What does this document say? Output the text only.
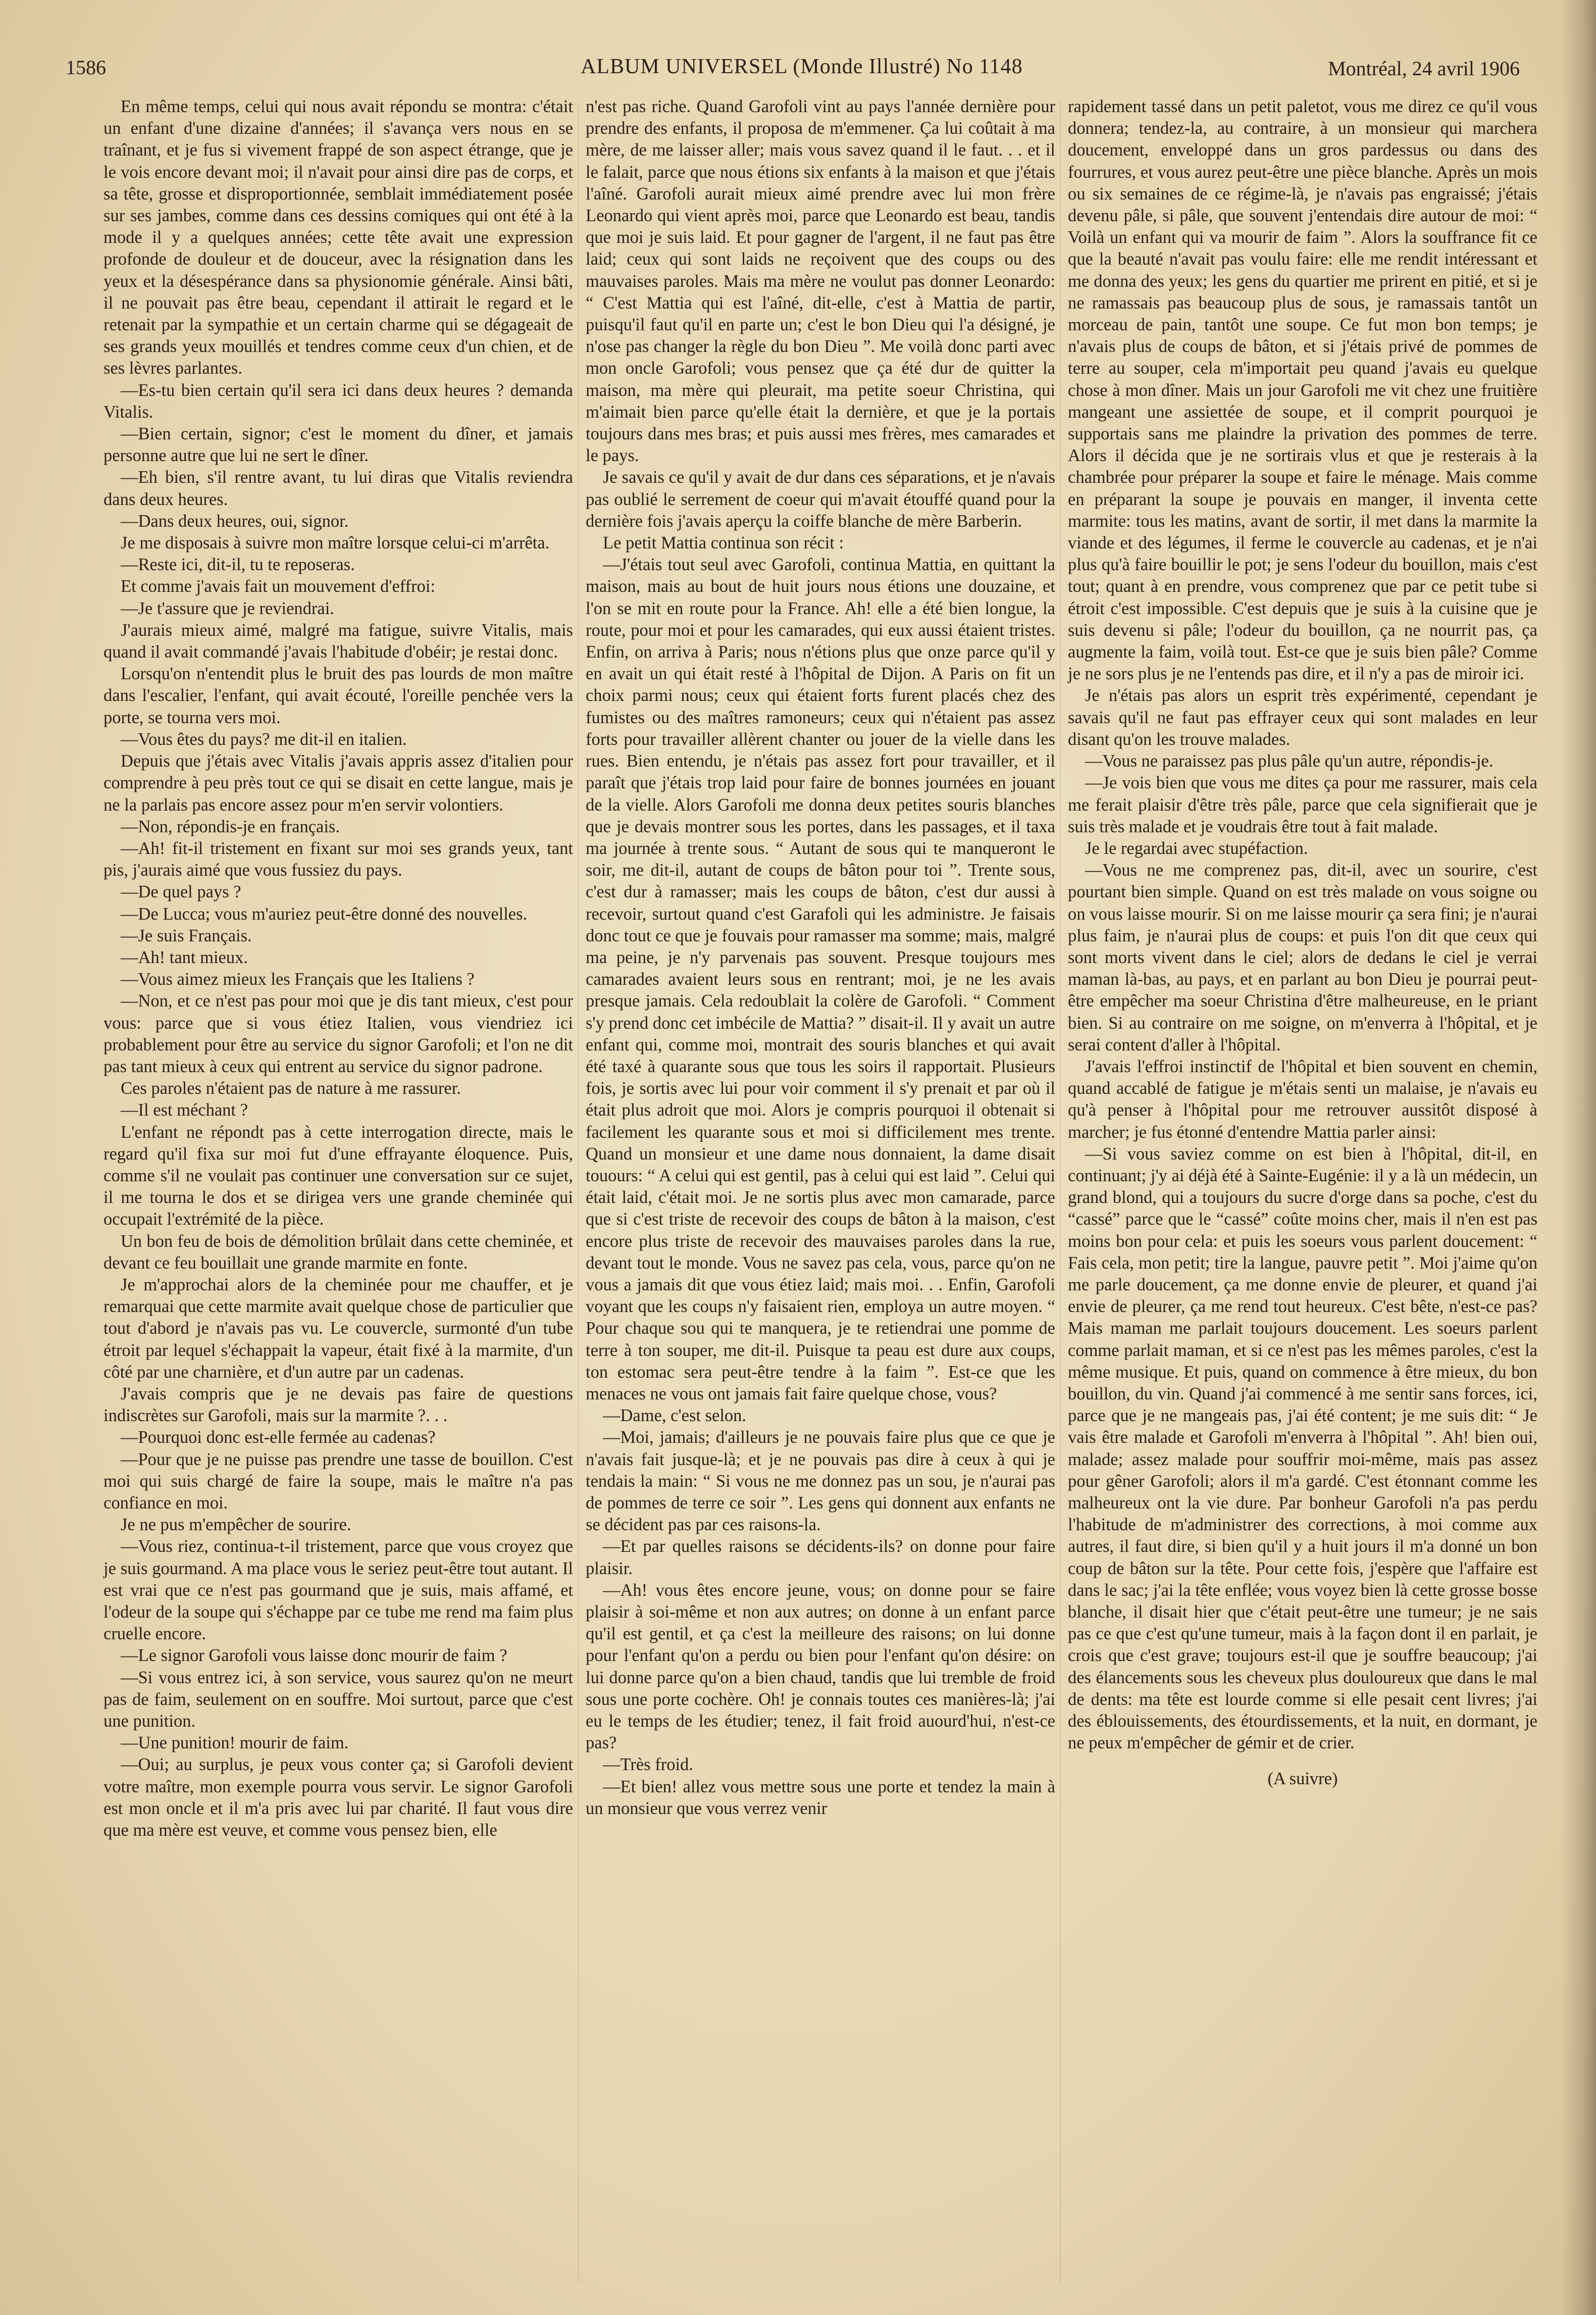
1586	ALBUM UNIVERSEL (Monde Illustré) No 1148	Montréal, 24 avril 1906

En même temps, celui qui nous avait répondu se montra: c'était un enfant d'une dizaine d'années; il s'avança vers nous en se traînant, et je fus si vivement frappé de son aspect étrange, que je le vois encore devant moi; il n'avait pour ainsi dire pas de corps, et sa tête, grosse et disproportionnée, semblait immédiatement posée sur ses jambes, comme dans ces dessins comiques qui ont été à la mode il y a quelques années; cette tête avait une expression profonde de douleur et de douceur, avec la résignation dans les yeux et la désespérance dans sa physionomie générale. Ainsi bâti, il ne pouvait pas être beau, cependant il attirait le regard et le retenait par la sympathie et un certain charme qui se dégageait de ses grands yeux mouillés et tendres comme ceux d'un chien, et de ses lèvres parlantes.

—Es-tu bien certain qu'il sera ici dans deux heures ? demanda Vitalis.

—Bien certain, signor; c'est le moment du dîner, et jamais personne autre que lui ne sert le dîner.

—Eh bien, s'il rentre avant, tu lui diras que Vitalis reviendra dans deux heures.

—Dans deux heures, oui, signor.

Je me disposais à suivre mon maître lorsque celui-ci m'arrêta.

—Reste ici, dit-il, tu te reposeras.

Et comme j'avais fait un mouvement d'effroi:

—Je t'assure que je reviendrai.

J'aurais mieux aimé, malgré ma fatigue, suivre Vitalis, mais quand il avait commandé j'avais l'habitude d'obéir; je restai donc.

Lorsqu'on n'entendit plus le bruit des pas lourds de mon maître dans l'escalier, l'enfant, qui avait écouté, l'oreille penchée vers la porte, se tourna vers moi.

—Vous êtes du pays? me dit-il en italien.

Depuis que j'étais avec Vitalis j'avais appris assez d'italien pour comprendre à peu près tout ce qui se disait en cette langue, mais je ne la parlais pas encore assez pour m'en servir volontiers.

—Non, répondis-je en français.

—Ah! fit-il tristement en fixant sur moi ses grands yeux, tant pis, j'aurais aimé que vous fussiez du pays.

—De quel pays ?

—De Lucca; vous m'auriez peut-être donné des nouvelles.

—Je suis Français.

—Ah! tant mieux.

—Vous aimez mieux les Français que les Italiens ?

—Non, et ce n'est pas pour moi que je dis tant mieux, c'est pour vous: parce que si vous étiez Italien, vous viendriez ici probablement pour être au service du signor Garofoli; et l'on ne dit pas tant mieux à ceux qui entrent au service du signor padrone.

Ces paroles n'étaient pas de nature à me rassurer.

—Il est méchant ?

L'enfant ne répondt pas à cette interrogation directe, mais le regard qu'il fixa sur moi fut d'une effrayante éloquence. Puis, comme s'il ne voulait pas continuer une conversation sur ce sujet, il me tourna le dos et se dirigea vers une grande cheminée qui occupait l'extrémité de la pièce.

Un bon feu de bois de démolition brûlait dans cette cheminée, et devant ce feu bouillait une grande marmite en fonte.

Je m'approchai alors de la cheminée pour me chauffer, et je remarquai que cette marmite avait quelque chose de particulier que tout d'abord je n'avais pas vu. Le couvercle, surmonté d'un tube étroit par lequel s'échappait la vapeur, était fixé à la marmite, d'un côté par une charnière, et d'un autre par un cadenas.

J'avais compris que je ne devais pas faire de questions indiscrètes sur Garofoli, mais sur la marmite ?. . .

—Pourquoi donc est-elle fermée au cadenas?

—Pour que je ne puisse pas prendre une tasse de bouillon. C'est moi qui suis chargé de faire la soupe, mais le maître n'a pas confiance en moi.

Je ne pus m'empêcher de sourire.

—Vous riez, continua-t-il tristement, parce que vous croyez que je suis gourmand. A ma place vous le seriez peut-être tout autant. Il est vrai que ce n'est pas gourmand que je suis, mais affamé, et l'odeur de la soupe qui s'échappe par ce tube me rend ma faim plus cruelle encore.

—Le signor Garofoli vous laisse donc mourir de faim ?

—Si vous entrez ici, à son service, vous saurez qu'on ne meurt pas de faim, seulement on en souffre. Moi surtout, parce que c'est une punition.

—Une punition! mourir de faim.

—Oui; au surplus, je peux vous conter ça; si Garofoli devient votre maître, mon exemple pourra vous servir. Le signor Garofoli est mon oncle et il m'a pris avec lui par charité. Il faut vous dire que ma mère est veuve, et comme vous pensez bien, elle

n'est pas riche. Quand Garofoli vint au pays l'année dernière pour prendre des enfants, il proposa de m'emmener. Ça lui coûtait à ma mère, de me laisser aller; mais vous savez quand il le faut. . . et il le falait, parce que nous étions six enfants à la maison et que j'étais l'aîné. Garofoli aurait mieux aimé prendre avec lui mon frère Leonardo qui vient après moi, parce que Leonardo est beau, tandis que moi je suis laid. Et pour gagner de l'argent, il ne faut pas être laid; ceux qui sont laids ne reçoivent que des coups ou des mauvaises paroles. Mais ma mère ne voulut pas donner Leonardo: “ C'est Mattia qui est l'aîné, dit-elle, c'est à Mattia de partir, puisqu'il faut qu'il en parte un; c'est le bon Dieu qui l'a désigné, je n'ose pas changer la règle du bon Dieu ”. Me voilà donc parti avec mon oncle Garofoli; vous pensez que ça été dur de quitter la maison, ma mère qui pleurait, ma petite soeur Christina, qui m'aimait bien parce qu'elle était la dernière, et que je la portais toujours dans mes bras; et puis aussi mes frères, mes camarades et le pays.

Je savais ce qu'il y avait de dur dans ces séparations, et je n'avais pas oublié le serrement de coeur qui m'avait étouffé quand pour la dernière fois j'avais aperçu la coiffe blanche de mère Barberin.

Le petit Mattia continua son récit :

—J'étais tout seul avec Garofoli, continua Mattia, en quittant la maison, mais au bout de huit jours nous étions une douzaine, et l'on se mit en route pour la France. Ah! elle a été bien longue, la route, pour moi et pour les camarades, qui eux aussi étaient tristes. Enfin, on arriva à Paris; nous n'étions plus que onze parce qu'il y en avait un qui était resté à l'hôpital de Dijon. A Paris on fit un choix parmi nous; ceux qui étaient forts furent placés chez des fumistes ou des maîtres ramoneurs; ceux qui n'étaient pas assez forts pour travailler allèrent chanter ou jouer de la vielle dans les rues. Bien entendu, je n'étais pas assez fort pour travailler, et il paraît que j'étais trop laid pour faire de bonnes journées en jouant de la vielle. Alors Garofoli me donna deux petites souris blanches que je devais montrer sous les portes, dans les passages, et il taxa ma journée à trente sous. “ Autant de sous qui te manqueront le soir, me dit-il, autant de coups de bâton pour toi ”. Trente sous, c'est dur à ramasser; mais les coups de bâton, c'est dur aussi à recevoir, surtout quand c'est Garafoli qui les administre. Je faisais donc tout ce que je fouvais pour ramasser ma somme; mais, malgré ma peine, je n'y parvenais pas souvent. Presque toujours mes camarades avaient leurs sous en rentrant; moi, je ne les avais presque jamais. Cela redoublait la colère de Garofoli. “ Comment s'y prend donc cet imbécile de Mattia? ” disait-il. Il y avait un autre enfant qui, comme moi, montrait des souris blanches et qui avait été taxé à quarante sous que tous les soirs il rapportait. Plusieurs fois, je sortis avec lui pour voir comment il s'y prenait et par où il était plus adroit que moi. Alors je compris pourquoi il obtenait si facilement les quarante sous et moi si difficilement mes trente. Quand un monsieur et une dame nous donnaient, la dame disait touours: “ A celui qui est gentil, pas à celui qui est laid ”. Celui qui était laid, c'était moi. Je ne sortis plus avec mon camarade, parce que si c'est triste de recevoir des coups de bâton à la maison, c'est encore plus triste de recevoir des mauvaises paroles dans la rue, devant tout le monde. Vous ne savez pas cela, vous, parce qu'on ne vous a jamais dit que vous étiez laid; mais moi. . . Enfin, Garofoli voyant que les coups n'y faisaient rien, employa un autre moyen. “ Pour chaque sou qui te manquera, je te retiendrai une pomme de terre à ton souper, me dit-il. Puisque ta peau est dure aux coups, ton estomac sera peut-être tendre à la faim ”. Est-ce que les menaces ne vous ont jamais fait faire quelque chose, vous?

—Dame, c'est selon.

—Moi, jamais; d'ailleurs je ne pouvais faire plus que ce que je n'avais fait jusque-là; et je ne pouvais pas dire à ceux à qui je tendais la main: “ Si vous ne me donnez pas un sou, je n'aurai pas de pommes de terre ce soir ”. Les gens qui donnent aux enfants ne se décident pas par ces raisons-la.

—Et par quelles raisons se décidents-ils? on donne pour faire plaisir.

—Ah! vous êtes encore jeune, vous; on donne pour se faire plaisir à soi-même et non aux autres; on donne à un enfant parce qu'il est gentil, et ça c'est la meilleure des raisons; on lui donne pour l'enfant qu'on a perdu ou bien pour l'enfant qu'on désire: on lui donne parce qu'on a bien chaud, tandis que lui tremble de froid sous une porte cochère. Oh! je connais toutes ces manières-là; j'ai eu le temps de les étudier; tenez, il fait froid auourd'hui, n'est-ce pas?

—Très froid.

—Et bien! allez vous mettre sous une porte et tendez la main à un monsieur que vous verrez venir

rapidement tassé dans un petit paletot, vous me direz ce qu'il vous donnera; tendez-la, au contraire, à un monsieur qui marchera doucement, enveloppé dans un gros pardessus ou dans des fourrures, et vous aurez peut-être une pièce blanche. Après un mois ou six semaines de ce régime-là, je n'avais pas engraissé; j'étais devenu pâle, si pâle, que souvent j'entendais dire autour de moi: “ Voilà un enfant qui va mourir de faim ”. Alors la souffrance fit ce que la beauté n'avait pas voulu faire: elle me rendit intéressant et me donna des yeux; les gens du quartier me prirent en pitié, et si je ne ramassais pas beaucoup plus de sous, je ramassais tantôt un morceau de pain, tantôt une soupe. Ce fut mon bon temps; je n'avais plus de coups de bâton, et si j'étais privé de pommes de terre au souper, cela m'importait peu quand j'avais eu quelque chose à mon dîner. Mais un jour Garofoli me vit chez une fruitière mangeant une assiettée de soupe, et il comprit pourquoi je supportais sans me plaindre la privation des pommes de terre. Alors il décida que je ne sortirais vlus et que je resterais à la chambrée pour préparer la soupe et faire le ménage. Mais comme en préparant la soupe je pouvais en manger, il inventa cette marmite: tous les matins, avant de sortir, il met dans la marmite la viande et des légumes, il ferme le couvercle au cadenas, et je n'ai plus qu'à faire bouillir le pot; je sens l'odeur du bouillon, mais c'est tout; quant à en prendre, vous comprenez que par ce petit tube si étroit c'est impossible. C'est depuis que je suis à la cuisine que je suis devenu si pâle; l'odeur du bouillon, ça ne nourrit pas, ça augmente la faim, voilà tout. Est-ce que je suis bien pâle? Comme je ne sors plus je ne l'entends pas dire, et il n'y a pas de miroir ici.

Je n'étais pas alors un esprit très expérimenté, cependant je savais qu'il ne faut pas effrayer ceux qui sont malades en leur disant qu'on les trouve malades.

—Vous ne paraissez pas plus pâle qu'un autre, répondis-je.

—Je vois bien que vous me dites ça pour me rassurer, mais cela me ferait plaisir d'être très pâle, parce que cela signifierait que je suis très malade et je voudrais être tout à fait malade.

Je le regardai avec stupéfaction.

—Vous ne me comprenez pas, dit-il, avec un sourire, c'est pourtant bien simple. Quand on est très malade on vous soigne ou on vous laisse mourir. Si on me laisse mourir ça sera fini; je n'aurai plus faim, je n'aurai plus de coups: et puis l'on dit que ceux qui sont morts vivent dans le ciel; alors de dedans le ciel je verrai maman là-bas, au pays, et en parlant au bon Dieu je pourrai peut-être empêcher ma soeur Christina d'être malheureuse, en le priant bien. Si au contraire on me soigne, on m'enverra à l'hôpital, et je serai content d'aller à l'hôpital.

J'avais l'effroi instinctif de l'hôpital et bien souvent en chemin, quand accablé de fatigue je m'étais senti un malaise, je n'avais eu qu'à penser à l'hôpital pour me retrouver aussitôt disposé à marcher; je fus étonné d'entendre Mattia parler ainsi:

—Si vous saviez comme on est bien à l'hôpital, dit-il, en continuant; j'y ai déjà été à Sainte-Eugénie: il y a là un médecin, un grand blond, qui a toujours du sucre d'orge dans sa poche, c'est du “cassé” parce que le “cassé” coûte moins cher, mais il n'en est pas moins bon pour cela: et puis les soeurs vous parlent doucement: “ Fais cela, mon petit; tire la langue, pauvre petit ”. Moi j'aime qu'on me parle doucement, ça me donne envie de pleurer, et quand j'ai envie de pleurer, ça me rend tout heureux. C'est bête, n'est-ce pas? Mais maman me parlait toujours doucement. Les soeurs parlent comme parlait maman, et si ce n'est pas les mêmes paroles, c'est la même musique. Et puis, quand on commence à être mieux, du bon bouillon, du vin. Quand j'ai commencé à me sentir sans forces, ici, parce que je ne mangeais pas, j'ai été content; je me suis dit: “ Je vais être malade et Garofoli m'enverra à l'hôpital ”. Ah! bien oui, malade; assez malade pour souffrir moi-même, mais pas assez pour gêner Garofoli; alors il m'a gardé. C'est étonnant comme les malheureux ont la vie dure. Par bonheur Garofoli n'a pas perdu l'habitude de m'administrer des corrections, à moi comme aux autres, il faut dire, si bien qu'il y a huit jours il m'a donné un bon coup de bâton sur la tête. Pour cette fois, j'espère que l'affaire est dans le sac; j'ai la tête enflée; vous voyez bien là cette grosse bosse blanche, il disait hier que c'était peut-être une tumeur; je ne sais pas ce que c'est qu'une tumeur, mais à la façon dont il en parlait, je crois que c'est grave; toujours est-il que je souffre beaucoup; j'ai des élancements sous les cheveux plus douloureux que dans le mal de dents: ma tête est lourde comme si elle pesait cent livres; j'ai des éblouissements, des étourdissements, et la nuit, en dormant, je ne peux m'empêcher de gémir et de crier.

(A suivre)
